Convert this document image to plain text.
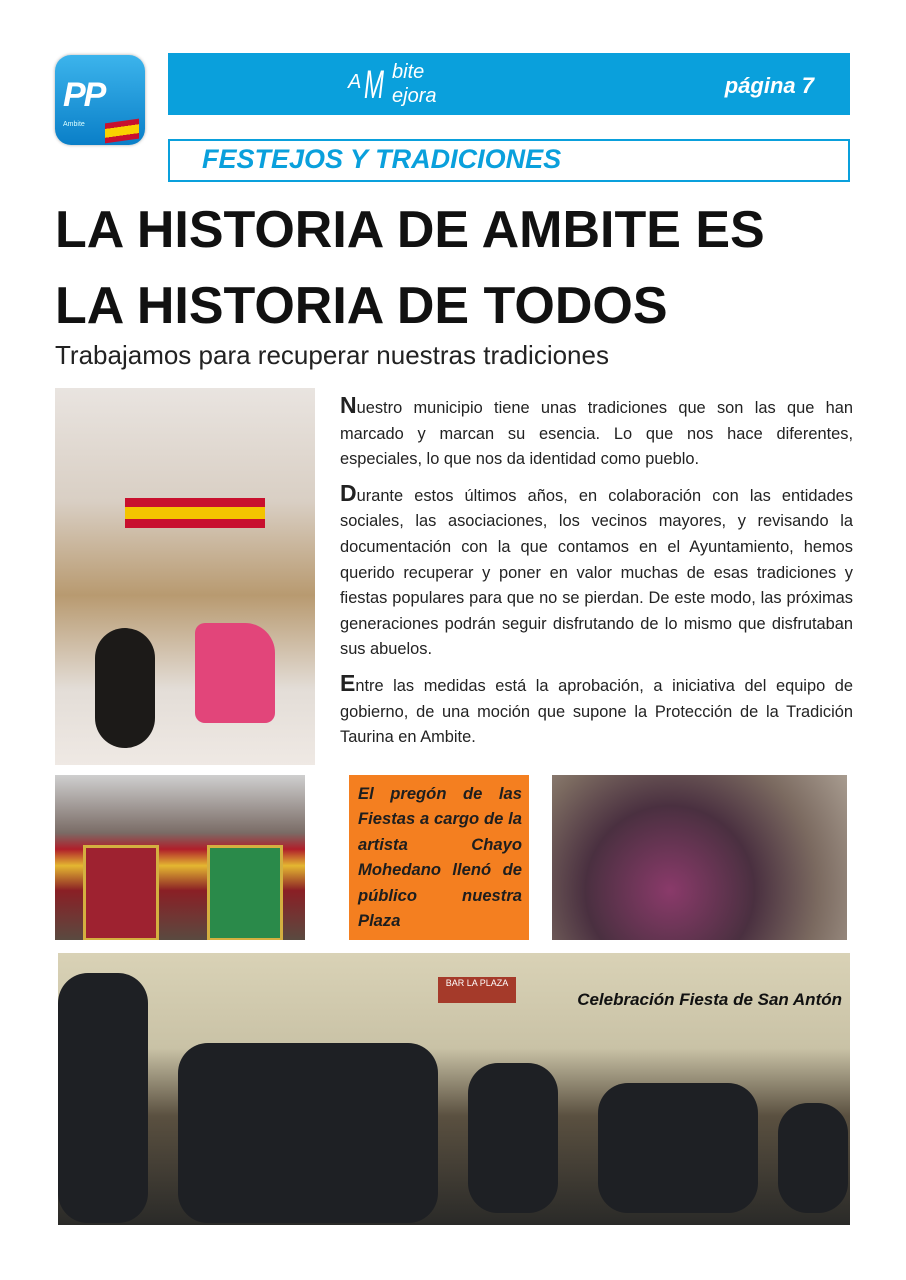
PP
Ambite
A M bite
ejora	página 7
FESTEJOS Y TRADICIONES
LA HISTORIA DE AMBITE ES
LA HISTORIA DE TODOS
Trabajamos para recuperar nuestras tradiciones

Nuestro municipio tiene unas tradiciones que son las que han marcado y marcan su esencia. Lo que nos hace diferentes, especiales, lo que nos da identidad como pueblo.

Durante estos últimos años, en colaboración con las entidades sociales, las asociaciones, los vecinos mayores, y revisando la documentación con la que contamos en el Ayuntamiento, hemos querido recuperar y poner en valor muchas de esas tradiciones y fiestas populares para que no se pierdan. De este modo, las próximas generaciones podrán seguir disfrutando de lo mismo que disfrutaban sus abuelos.

Entre las medidas está la aprobación, a iniciativa del equipo de gobierno, de una moción que supone la Protección de la Tradición Taurina en Ambite.

El pregón de las Fiestas a cargo de la artista Chayo Mohedano llenó de público nuestra Plaza
BAR LA PLAZA
Celebración Fiesta de San Antón
